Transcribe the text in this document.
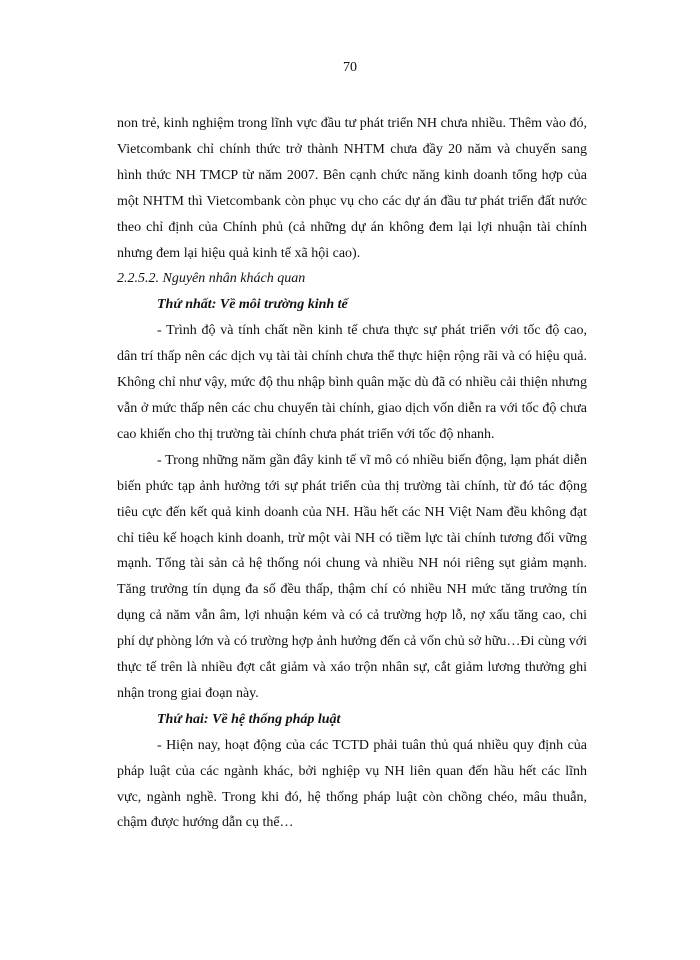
70

non trẻ, kinh nghiệm trong lĩnh vực đầu tư phát triển NH chưa nhiều. Thêm vào đó, Vietcombank chỉ chính thức trở thành NHTM chưa đầy 20 năm và chuyển sang hình thức NH TMCP từ năm 2007. Bên cạnh chức năng kinh doanh tổng hợp của một NHTM thì Vietcombank còn phục vụ cho các dự án đầu tư phát triển đất nước theo chỉ định của Chính phủ (cả những dự án không đem lại lợi nhuận tài chính nhưng đem lại hiệu quả kinh tế xã hội cao).

2.2.5.2. Nguyên nhân khách quan

Thứ nhất: Về môi trường kinh tế

- Trình độ và tính chất nền kinh tế chưa thực sự phát triển với tốc độ cao, dân trí thấp nên các dịch vụ tài tài chính chưa thể thực hiện rộng rãi và có hiệu quả. Không chỉ như vậy, mức độ thu nhập bình quân mặc dù đã có nhiều cải thiện nhưng vẫn ở mức thấp nên các chu chuyển tài chính, giao dịch vốn diễn ra với tốc độ chưa cao khiến cho thị trường tài chính chưa phát triển với tốc độ nhanh.

- Trong những năm gần đây kinh tế vĩ mô có nhiều biến động, lạm phát diễn biến phức tạp ảnh hưởng tới sự phát triển của thị trường tài chính, từ đó tác động tiêu cực đến kết quả kinh doanh của NH. Hầu hết các NH Việt Nam đều không đạt chỉ tiêu kế hoạch kinh doanh, trừ một vài NH có tiềm lực tài chính tương đối vững mạnh. Tổng tài sản cả hệ thống nói chung và nhiều NH nói riêng sụt giảm mạnh. Tăng trưởng tín dụng đa số đều thấp, thậm chí có nhiều NH mức tăng trưởng tín dụng cả năm vẫn âm, lợi nhuận kém và có cả trường hợp lỗ, nợ xấu tăng cao, chi phí dự phòng lớn và có trường hợp ảnh hưởng đến cả vốn chủ sở hữu…Đi cùng với thực tế trên là nhiều đợt cắt giảm và xáo trộn nhân sự, cắt giảm lương thưởng ghi nhận trong giai đoạn này.

Thứ hai: Về hệ thống pháp luật

- Hiện nay, hoạt động của các TCTD phải tuân thủ quá nhiều quy định của pháp luật của các ngành khác, bởi nghiệp vụ NH liên quan đến hầu hết các lĩnh vực, ngành nghề. Trong khi đó, hệ thống pháp luật còn chồng chéo, mâu thuẫn, chậm được hướng dẫn cụ thể…
